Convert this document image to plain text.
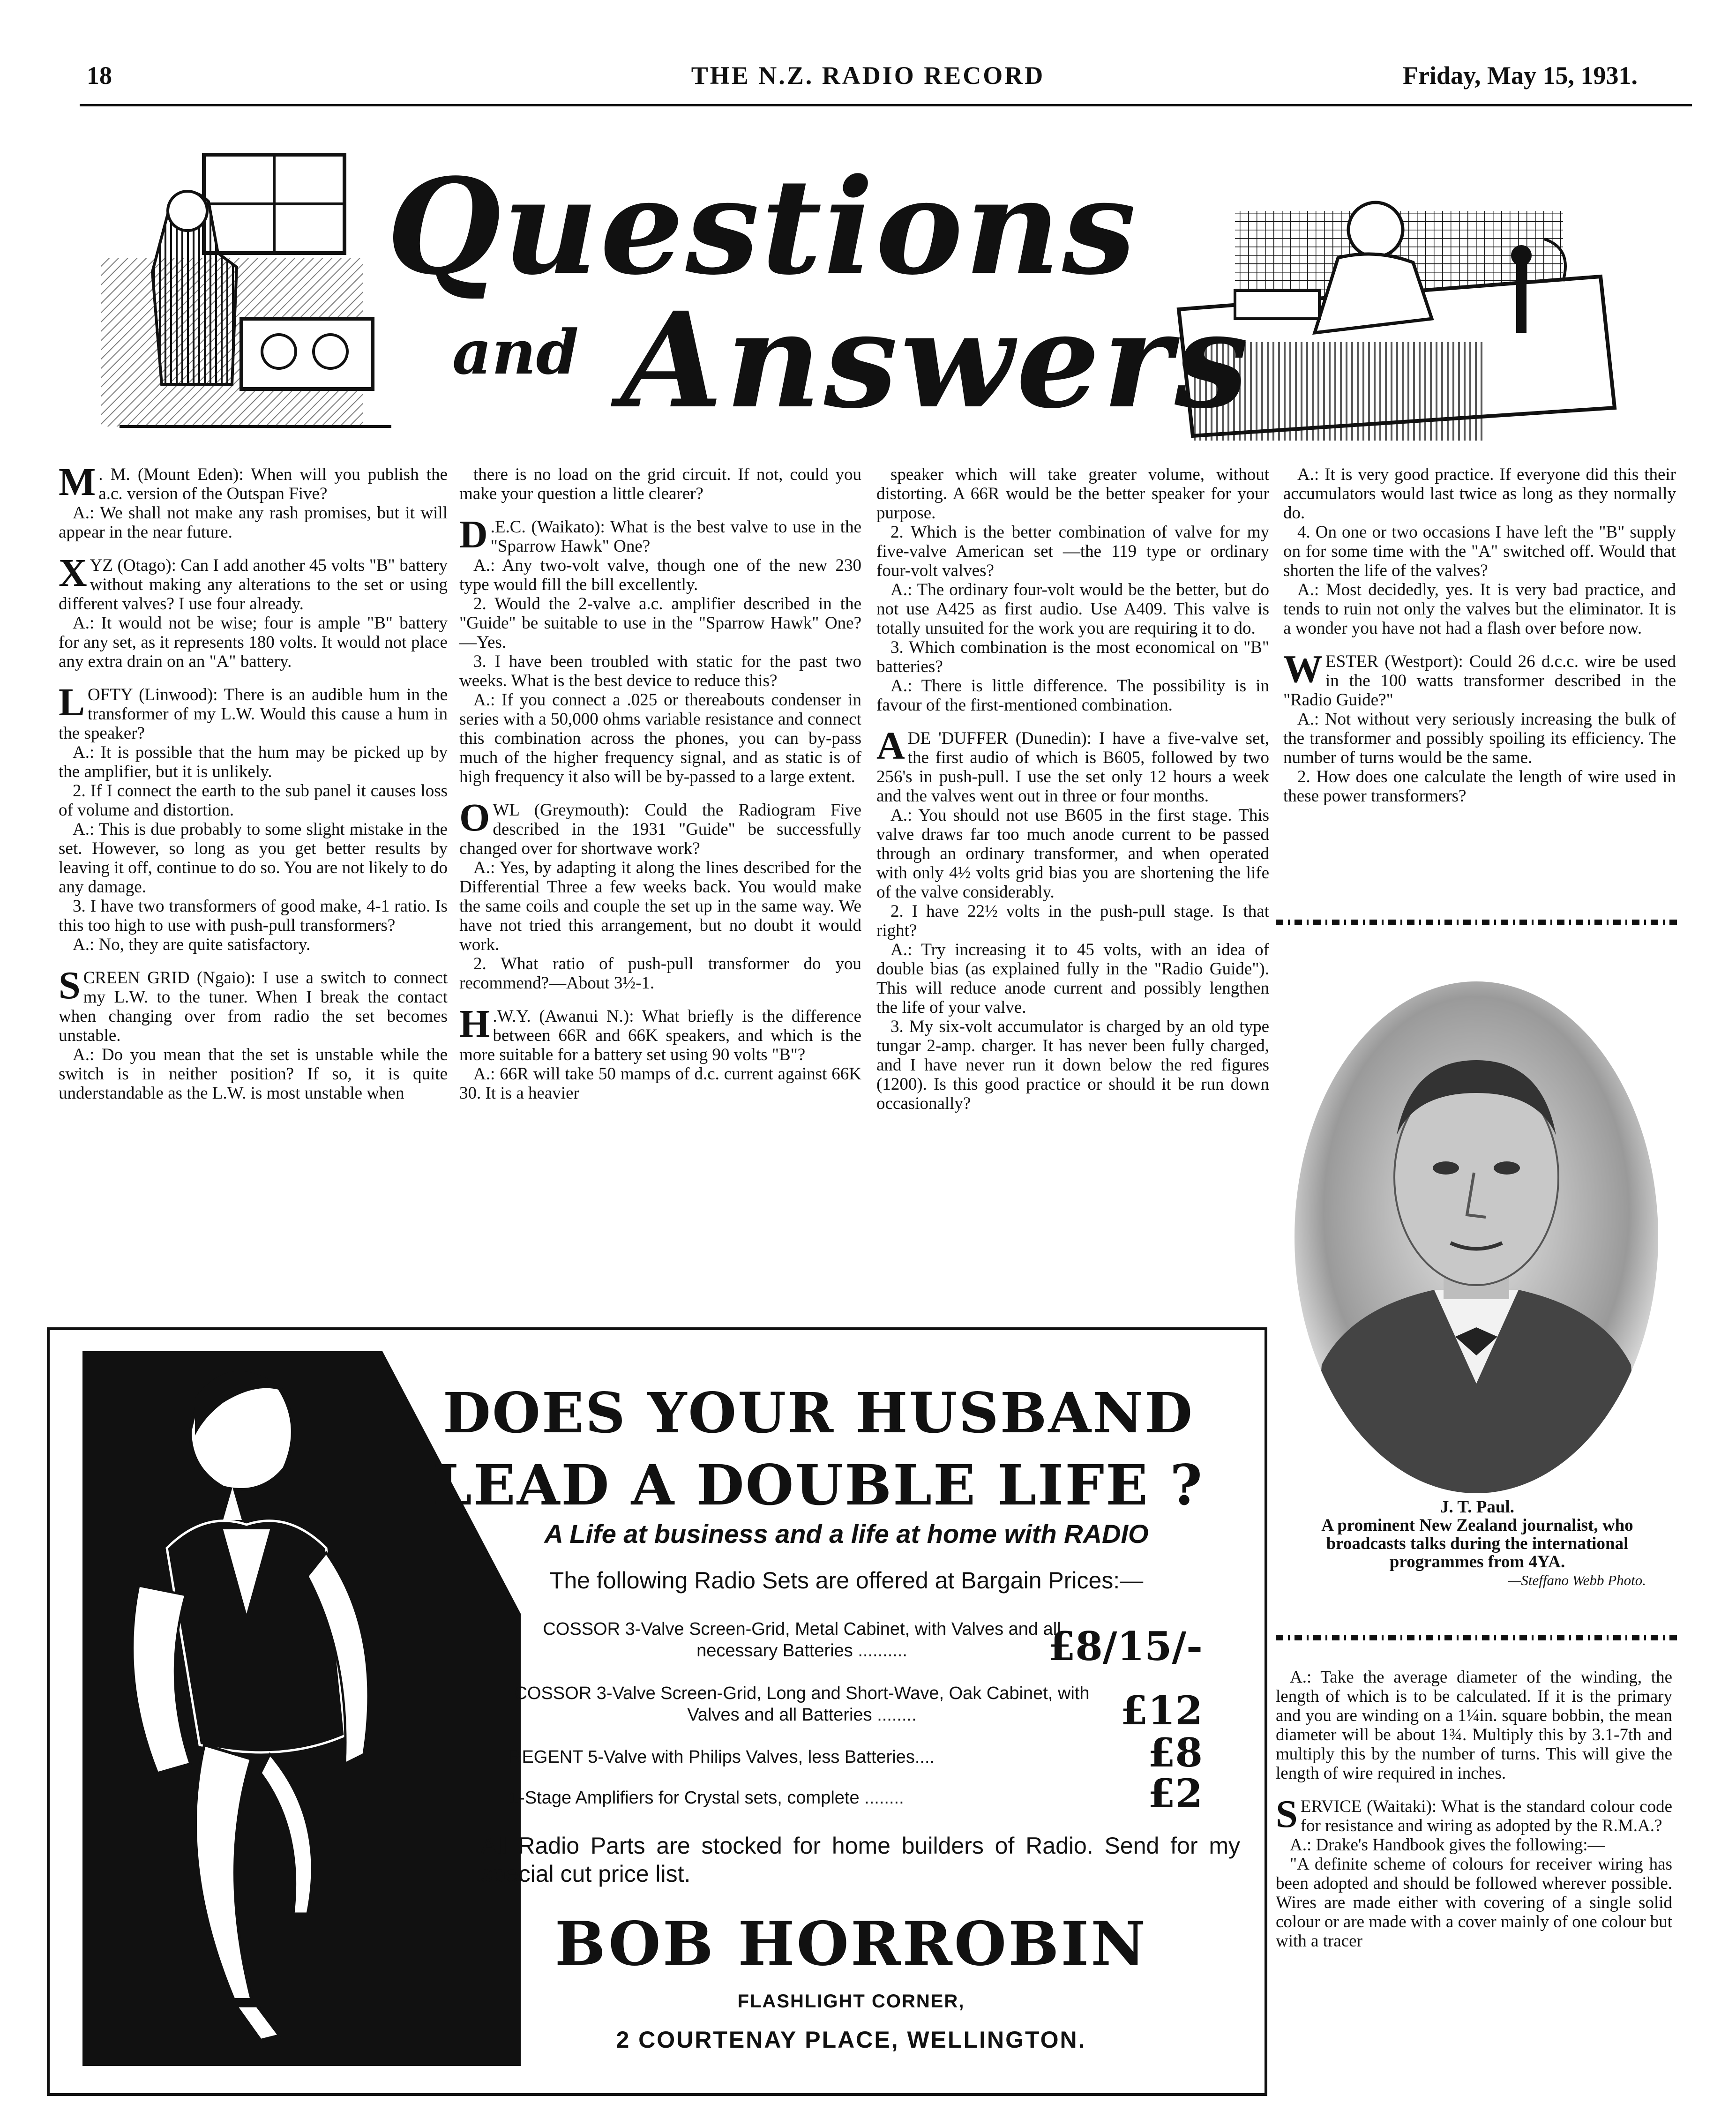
18	THE N.Z. RADIO RECORD	Friday, May 15, 1931.
Questions
and Answers

M . M. (Mount Eden): When will you publish the a.c. version of the Outspan Five?

A.: We shall not make any rash promises, but it will appear in the near future.

XYZ (Otago): Can I add another 45 volts "B" battery without making any alterations to the set or using different valves? I use four already.

A.: It would not be wise; four is ample "B" battery for any set, as it represents 180 volts. It would not place any extra drain on an "A" battery.

LOFTY (Linwood): There is an audible hum in the transformer of my L.W. Would this cause a hum in the speaker?

A.: It is possible that the hum may be picked up by the amplifier, but it is unlikely.

2. If I connect the earth to the sub panel it causes loss of volume and distortion.

A.: This is due probably to some slight mistake in the set. However, so long as you get better results by leaving it off, continue to do so. You are not likely to do any damage.

3. I have two transformers of good make, 4-1 ratio. Is this too high to use with push-pull transformers?

A.: No, they are quite satisfactory.

SCREEN GRID (Ngaio): I use a switch to connect my L.W. to the tuner. When I break the contact when changing over from radio the set becomes unstable.

A.: Do you mean that the set is unstable while the switch is in neither position? If so, it is quite understandable as the L.W. is most unstable when

there is no load on the grid circuit. If not, could you make your question a little clearer?

D .E.C. (Waikato): What is the best valve to use in the "Sparrow Hawk" One?

A.: Any two-volt valve, though one of the new 230 type would fill the bill excellently.

2. Would the 2-valve a.c. amplifier described in the "Guide" be suitable to use in the "Sparrow Hawk" One?—Yes.

3. I have been troubled with static for the past two weeks. What is the best device to reduce this?

A.: If you connect a .025 or thereabouts condenser in series with a 50,000 ohms variable resistance and connect this combination across the phones, you can by-pass much of the higher frequency signal, and as static is of high frequency it also will be by-passed to a large extent.

OWL (Greymouth): Could the Radiogram Five described in the 1931 "Guide" be successfully changed over for shortwave work?

A.: Yes, by adapting it along the lines described for the Differential Three a few weeks back. You would make the same coils and couple the set up in the same way. We have not tried this arrangement, but no doubt it would work.

2. What ratio of push-pull transformer do you recommend?—About 3½-1.

H .W.Y. (Awanui N.): What briefly is the difference between 66R and 66K speakers, and which is the more suitable for a battery set using 90 volts "B"?

A.: 66R will take 50 mamps of d.c. current against 66K 30. It is a heavier

speaker which will take greater volume, without distorting. A 66R would be the better speaker for your purpose.

2. Which is the better combination of valve for my five-valve American set —the 119 type or ordinary four-volt valves?

A.: The ordinary four-volt would be the better, but do not use A425 as first audio. Use A409. This valve is totally unsuited for the work you are requiring it to do.

3. Which combination is the most economical on "B" batteries?

A.: There is little difference. The possibility is in favour of the first-mentioned combination.

A DE 'DUFFER (Dunedin): I have a five-valve set, the first audio of which is B605, followed by two 256's in push-pull. I use the set only 12 hours a week and the valves went out in three or four months.

A.: You should not use B605 in the first stage. This valve draws far too much anode current to be passed through an ordinary transformer, and when operated with only 4½ volts grid bias you are shortening the life of the valve considerably.

2. I have 22½ volts in the push-pull stage. Is that right?

A.: Try increasing it to 45 volts, with an idea of double bias (as explained fully in the "Radio Guide"). This will reduce anode current and possibly lengthen the life of your valve.

3. My six-volt accumulator is charged by an old type tungar 2-amp. charger. It has never been fully charged, and I have never run it down below the red figures (1200). Is this good practice or should it be run down occasionally?

A.: It is very good practice. If everyone did this their accumulators would last twice as long as they normally do.

4. On one or two occasions I have left the "B" supply on for some time with the "A" switched off. Would that shorten the life of the valves?

A.: Most decidedly, yes. It is very bad practice, and tends to ruin not only the valves but the eliminator. It is a wonder you have not had a flash over before now.

WESTER (Westport): Could 26 d.c.c. wire be used in the 100 watts transformer described in the "Radio Guide?"

A.: Not without very seriously increasing the bulk of the transformer and possibly spoiling its efficiency. The number of turns would be the same.

2. How does one calculate the length of wire used in these power transformers?

J. T. Paul.
A prominent New Zealand journalist, who broadcasts talks during the international programmes from 4YA.
—Steffano Webb Photo.

A.: Take the average diameter of the winding, the length of which is to be calculated. If it is the primary and you are winding on a 1¼in. square bobbin, the mean diameter will be about 1¾. Multiply this by 3.1-7th and multiply this by the number of turns. This will give the length of wire required in inches.

SERVICE (Waitaki): What is the standard colour code for resistance and wiring as adopted by the R.M.A.?

A.: Drake's Handbook gives the following:—

"A definite scheme of colours for receiver wiring has been adopted and should be followed wherever possible. Wires are made either with covering of a single solid colour or are made with a cover mainly of one colour but with a tracer

DOES YOUR HUSBAND
LEAD A DOUBLE LIFE ?
A Life at business and a life at home with RADIO
The following Radio Sets are offered at Bargain Prices:—
COSSOR 3-Valve Screen-Grid, Metal Cabinet, with Valves and all necessary Batteries ..........	£8/15/-
COSSOR 3-Valve Screen-Grid, Long and Short-Wave, Oak Cabinet, with Valves and all Batteries ........	£12
REGENT 5-Valve with Philips Valves, less Batteries....	£8
1-Stage Amplifiers for Crystal sets, complete ........	£2
All Radio Parts are stocked for home builders of Radio. Send for my special cut price list.
BOB HORROBIN
FLASHLIGHT CORNER,
2 COURTENAY PLACE, WELLINGTON.
